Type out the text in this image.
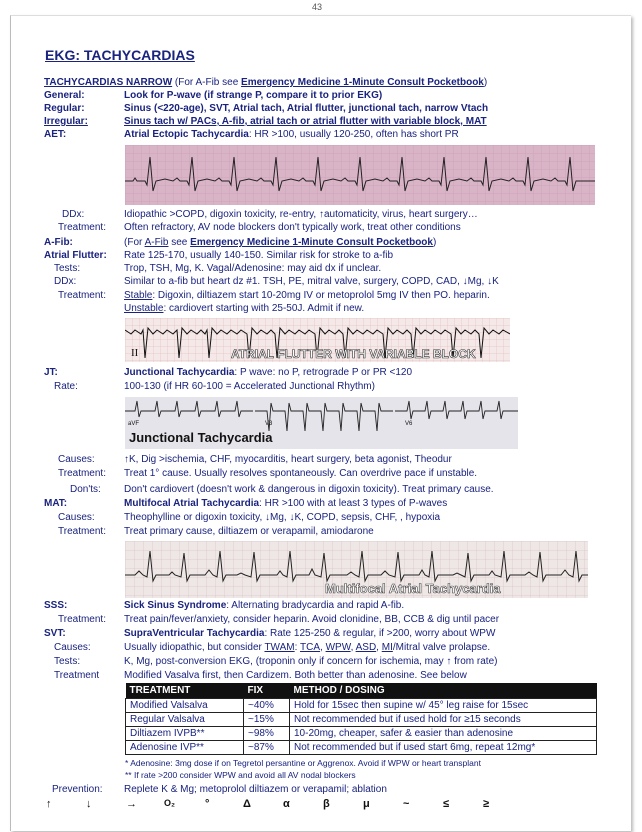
43
EKG: TACHYCARDIAS
TACHYCARDIAS NARROW (For A-Fib see Emergency Medicine 1-Minute Consult Pocketbook)
General:	Look for P-wave (if strange P, compare it to prior EKG)
Regular:	Sinus (<220-age), SVT, Atrial tach, Atrial flutter, junctional tach, narrow Vtach
Irregular:	Sinus tach w/ PACs, A-fib, atrial tach or atrial flutter with variable block, MAT
AET:	Atrial Ectopic Tachycardia: HR >100, usually 120-250, often has short PR
DDx:	Idiopathic >COPD, digoxin toxicity, re-entry, ↑automaticity, virus, heart surgery…
Treatment: Often refractory, AV node blockers don't typically work, treat other conditions
A-Fib:	(For A-Fib see Emergency Medicine 1-Minute Consult Pocketbook)
Atrial Flutter: Rate 125-170, usually 140-150. Similar risk for stroke to a-fib
Tests:	Trop, TSH, Mg, K. Vagal/Adenosine: may aid dx if unclear.
DDx:	Similar to a-fib but heart dz #1. TSH, PE, mitral valve, surgery, COPD, CAD, ↓Mg, ↓K
Treatment: Stable: Digoxin, diltiazem start 10-20mg IV or metoprolol 5mg IV then PO. heparin.
Unstable: cardiovert starting with 25-50J. Admit if new.
II	ATRIAL FLUTTER WITH VARIABLE BLOCK
JT:	Junctional Tachycardia: P wave: no P, retrograde P or PR <120
Rate:	100-130 (if HR 60-100 = Accelerated Junctional Rhythm)
aVF	V3	V6
Junctional Tachycardia
Causes:	↑K, Dig >ischemia, CHF, myocarditis, heart surgery, beta agonist, Theodur
Treatment: Treat 1° cause. Usually resolves spontaneously. Can overdrive pace if unstable.
Don'ts: Don't cardiovert (doesn't work & dangerous in digoxin toxicity). Treat primary cause.
MAT:	Multifocal Atrial Tachycardia: HR >100 with at least 3 types of P-waves
Causes:	Theophylline or digoxin toxicity, ↓Mg, ↓K, COPD, sepsis, CHF, , hypoxia
Treatment: Treat primary cause, diltiazem or verapamil, amiodarone
Multifocal Atrial Tachycardia
SSS:	Sick Sinus Syndrome: Alternating bradycardia and rapid A-fib.
Treatment: Treat pain/fever/anxiety, consider heparin. Avoid clonidine, BB, CCB & dig until pacer
SVT:	SupraVentricular Tachycardia: Rate 125-250 & regular, if >200, worry about WPW
Causes:	Usually idiopathic, but consider TWAM: TCA, WPW, ASD, MI/Mitral valve prolapse.
Tests:	K, Mg, post-conversion EKG, (troponin only if concern for ischemia, may ↑ from rate)
Treatment Modified Vasalva first, then Cardizem. Both better than adenosine. See below
TREATMENT	FIX	METHOD / DOSING
Modified Valsalva	~40%	Hold for 15sec then supine w/ 45° leg raise for 15sec
Regular Valsalva	~15%	Not recommended but if used hold for ≥15 seconds
Diltiazem IVPB**	~98%	10-20mg, cheaper, safer & easier than adenosine
Adenosine IVP**	~87%	Not recommended but if used start 6mg, repeat 12mg*
* Adenosine: 3mg dose if on Tegretol persantine or Aggrenox. Avoid if WPW or heart transplant
** If rate >200 consider WPW and avoid all AV nodal blockers
Prevention: Replete K & Mg; metoprolol diltiazem or verapamil; ablation
↑	↓	→	O₂	°	Δ	α	β	μ	~	≤	≥
